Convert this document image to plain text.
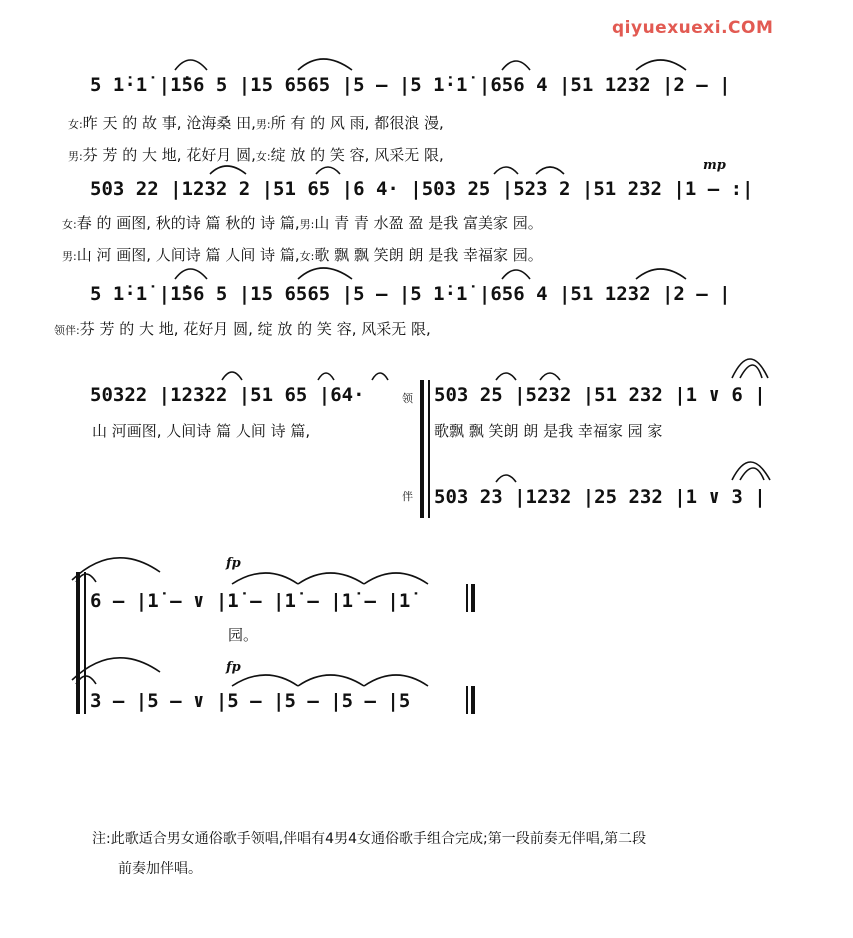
qiyuexuexi.COM
5 1̇·1̇ |1̇56 5 |15 6565 |5 – |5 1̇·1̇ |656 4 |51 1232 |2 – |
女:昨 天 的 故 事, 沧海桑 田,男:所 有 的 风 雨, 都很浪 漫,
男:芬 芳 的 大 地, 花好月 圆,女:绽 放 的 笑 容, 风采无 限,
mp
503 22 |1232 2 |51 65 |6 4· |503 25 |523 2 |51 232 |1 – :|
女:春 的 画图, 秋的诗 篇 秋的 诗 篇,男:山 青 青 水盈 盈 是我 富美家 园。
男:山 河 画图, 人间诗 篇 人间 诗 篇,女:歌 飘 飘 笑朗 朗 是我 幸福家 园。
5 1̇·1̇ |1̇56 5 |15 6565 |5 – |5 1̇·1̇ |656 4 |51 1232 |2 – |
领伴:芬 芳 的 大 地, 花好月 圆, 绽 放 的 笑 容, 风采无 限,
50322 |12322 |51 65 |64·
山 河画图, 人间诗 篇 人间 诗 篇,
领
伴
503 25 |5232 |51 232 |1 ∨ 6 |
歌飘 飘 笑朗 朗 是我 幸福家 园 家
503 23 |1232 |25 232 |1 ∨ 3 |
fp
6 – |1̇ – ∨ |1̇ – |1̇ – |1̇ – |1̇
园。
fp
3 – |5 – ∨ |5 – |5 – |5 – |5
注:此歌适合男女通俗歌手领唱,伴唱有4男4女通俗歌手组合完成;第一段前奏无伴唱,第二段
前奏加伴唱。
